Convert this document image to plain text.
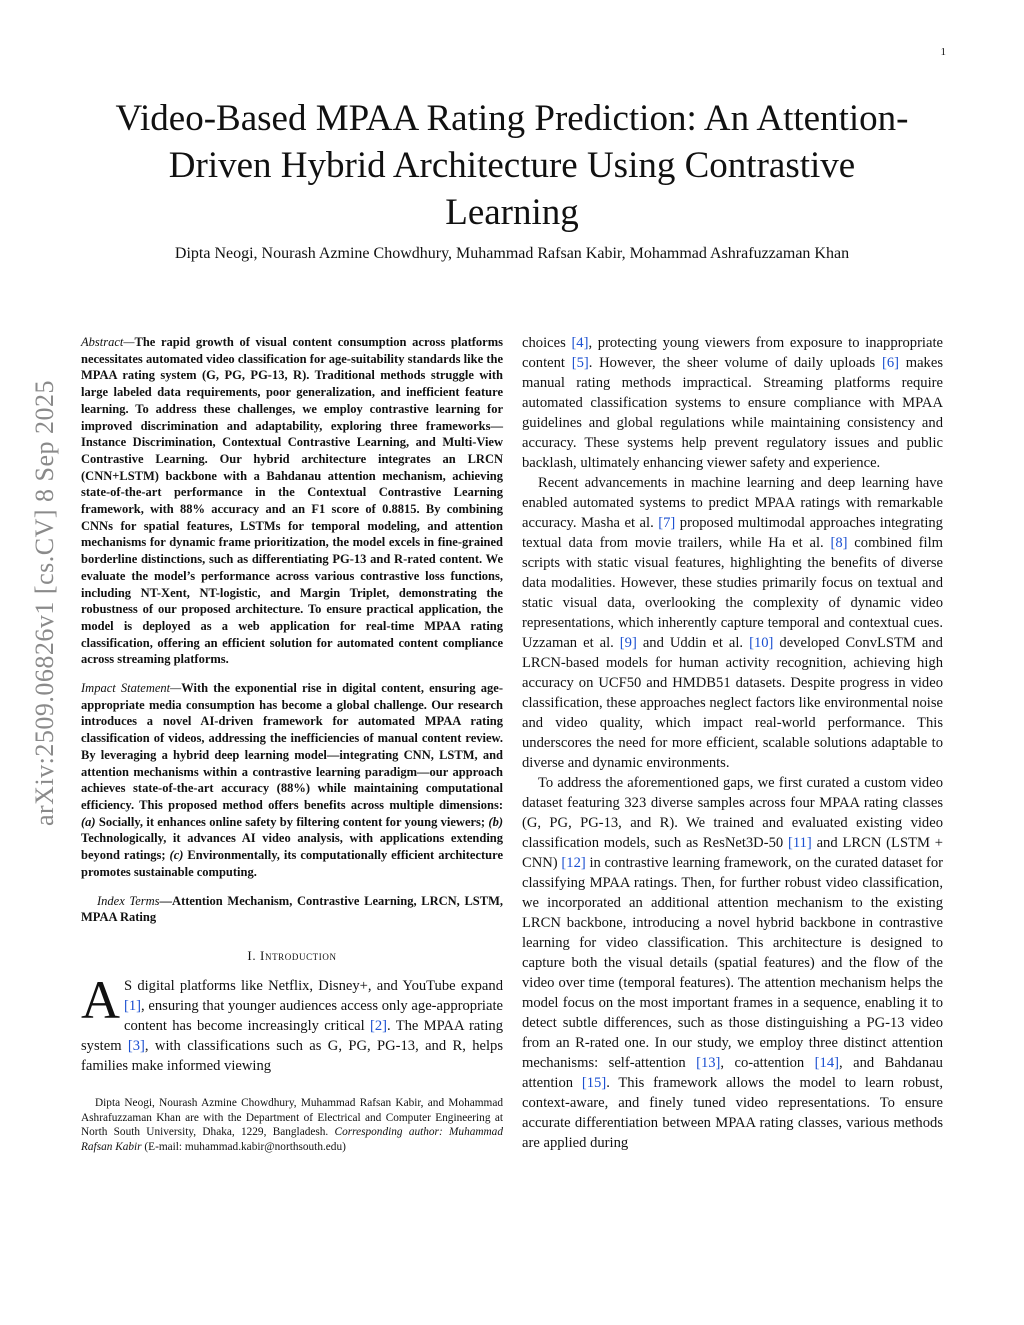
1
arXiv:2509.06826v1 [cs.CV] 8 Sep 2025
Video-Based MPAA Rating Prediction: An Attention-Driven Hybrid Architecture Using Contrastive Learning

Dipta Neogi, Nourash Azmine Chowdhury, Muhammad Rafsan Kabir, Mohammad Ashrafuzzaman Khan

Abstract—The rapid growth of visual content consumption across platforms necessitates automated video classification for age-suitability standards like the MPAA rating system (G, PG, PG-13, R). Traditional methods struggle with large labeled data requirements, poor generalization, and inefficient feature learning. To address these challenges, we employ contrastive learning for improved discrimination and adaptability, exploring three frameworks—Instance Discrimination, Contextual Contrastive Learning, and Multi-View Contrastive Learning. Our hybrid architecture integrates an LRCN (CNN+LSTM) backbone with a Bahdanau attention mechanism, achieving state-of-the-art performance in the Contextual Contrastive Learning framework, with 88% accuracy and an F1 score of 0.8815. By combining CNNs for spatial features, LSTMs for temporal modeling, and attention mechanisms for dynamic frame prioritization, the model excels in fine-grained borderline distinctions, such as differentiating PG-13 and R-rated content. We evaluate the model’s performance across various contrastive loss functions, including NT-Xent, NT-logistic, and Margin Triplet, demonstrating the robustness of our proposed architecture. To ensure practical application, the model is deployed as a web application for real-time MPAA rating classification, offering an efficient solution for automated content compliance across streaming platforms.

Impact Statement—With the exponential rise in digital content, ensuring age-appropriate media consumption has become a global challenge. Our research introduces a novel AI-driven framework for automated MPAA rating classification of videos, addressing the inefficiencies of manual content review. By leveraging a hybrid deep learning model—integrating CNN, LSTM, and attention mechanisms within a contrastive learning paradigm—our approach achieves state-of-the-art accuracy (88%) while maintaining computational efficiency. This proposed method offers benefits across multiple dimensions: (a) Socially, it enhances online safety by filtering content for young viewers; (b) Technologically, it advances AI video analysis, with applications extending beyond ratings; (c) Environmentally, its computationally efficient architecture promotes sustainable computing.

Index Terms—Attention Mechanism, Contrastive Learning, LRCN, LSTM, MPAA Rating

I. Introduction

A S digital platforms like Netflix, Disney+, and YouTube expand [1], ensuring that younger audiences access only age-appropriate content has become increasingly critical [2]. The MPAA rating system [3], with classifications such as G, PG, PG-13, and R, helps families make informed viewing

Dipta Neogi, Nourash Azmine Chowdhury, Muhammad Rafsan Kabir, and Mohammad Ashrafuzzaman Khan are with the Department of Electrical and Computer Engineering at North South University, Dhaka, 1229, Bangladesh. Corresponding author: Muhammad Rafsan Kabir (E-mail: muhammad.kabir@northsouth.edu)

choices [4], protecting young viewers from exposure to inappropriate content [5]. However, the sheer volume of daily uploads [6] makes manual rating methods impractical. Streaming platforms require automated classification systems to ensure compliance with MPAA guidelines and global regulations while maintaining consistency and accuracy. These systems help prevent regulatory issues and public backlash, ultimately enhancing viewer safety and experience.

Recent advancements in machine learning and deep learning have enabled automated systems to predict MPAA ratings with remarkable accuracy. Masha et al. [7] proposed multimodal approaches integrating textual data from movie trailers, while Ha et al. [8] combined film scripts with static visual features, highlighting the benefits of diverse data modalities. However, these studies primarily focus on textual and static visual data, overlooking the complexity of dynamic video representations, which inherently capture temporal and contextual cues. Uzzaman et al. [9] and Uddin et al. [10] developed ConvLSTM and LRCN-based models for human activity recognition, achieving high accuracy on UCF50 and HMDB51 datasets. Despite progress in video classification, these approaches neglect factors like environmental noise and video quality, which impact real-world performance. This underscores the need for more efficient, scalable solutions adaptable to diverse and dynamic environments.

To address the aforementioned gaps, we first curated a custom video dataset featuring 323 diverse samples across four MPAA rating classes (G, PG, PG-13, and R). We trained and evaluated existing video classification models, such as ResNet3D-50 [11] and LRCN (LSTM + CNN) [12] in contrastive learning framework, on the curated dataset for classifying MPAA ratings. Then, for further robust video classification, we incorporated an additional attention mechanism to the existing LRCN backbone, introducing a novel hybrid backbone in contrastive learning for video classification. This architecture is designed to capture both the visual details (spatial features) and the flow of the video over time (temporal features). The attention mechanism helps the model focus on the most important frames in a sequence, enabling it to detect subtle differences, such as those distinguishing a PG-13 video from an R-rated one. In our study, we employ three distinct attention mechanisms: self-attention [13], co-attention [14], and Bahdanau attention [15]. This framework allows the model to learn robust, context-aware, and finely tuned video representations. To ensure accurate differentiation between MPAA rating classes, various methods are applied during
